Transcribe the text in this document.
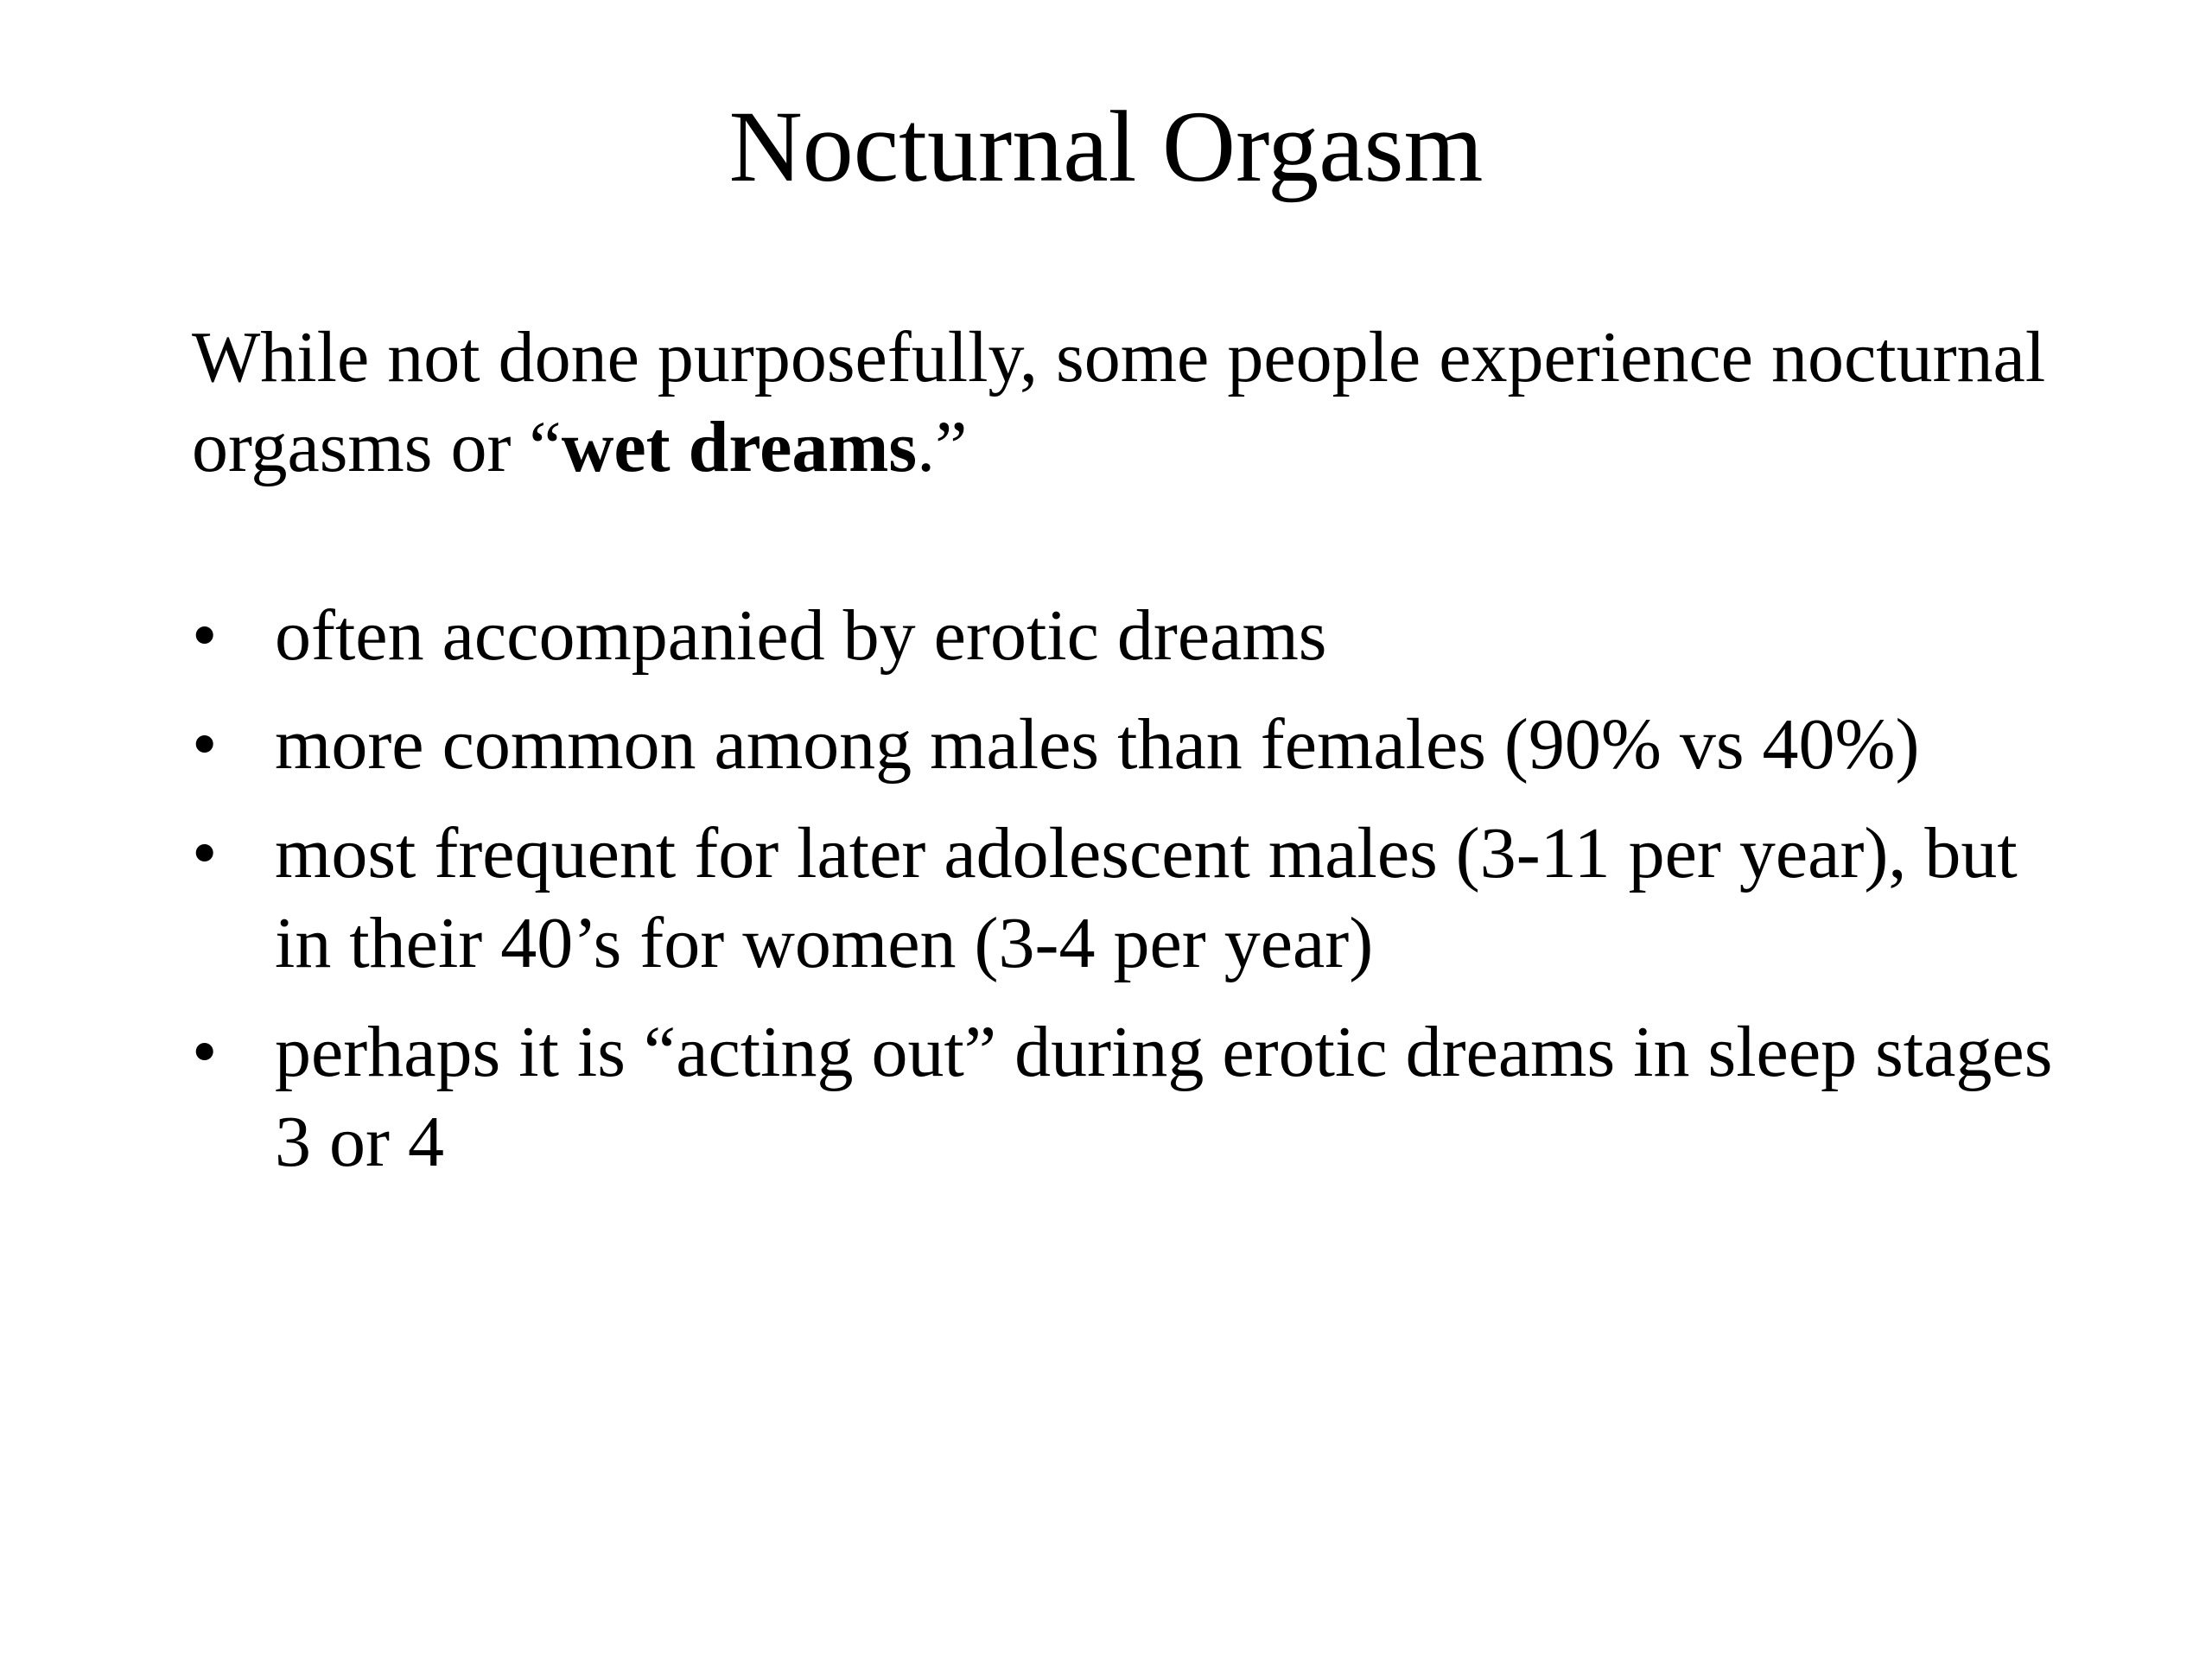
Nocturnal Orgasm

While not done purposefully, some people experience nocturnal orgasms or “wet dreams.”

• often accompanied by erotic dreams
• more common among males than females (90% vs 40%)
• most frequent for later adolescent males (3-11 per year), but in their 40’s for women (3-4 per year)
• perhaps it is “acting out” during erotic dreams in sleep stages 3 or 4
